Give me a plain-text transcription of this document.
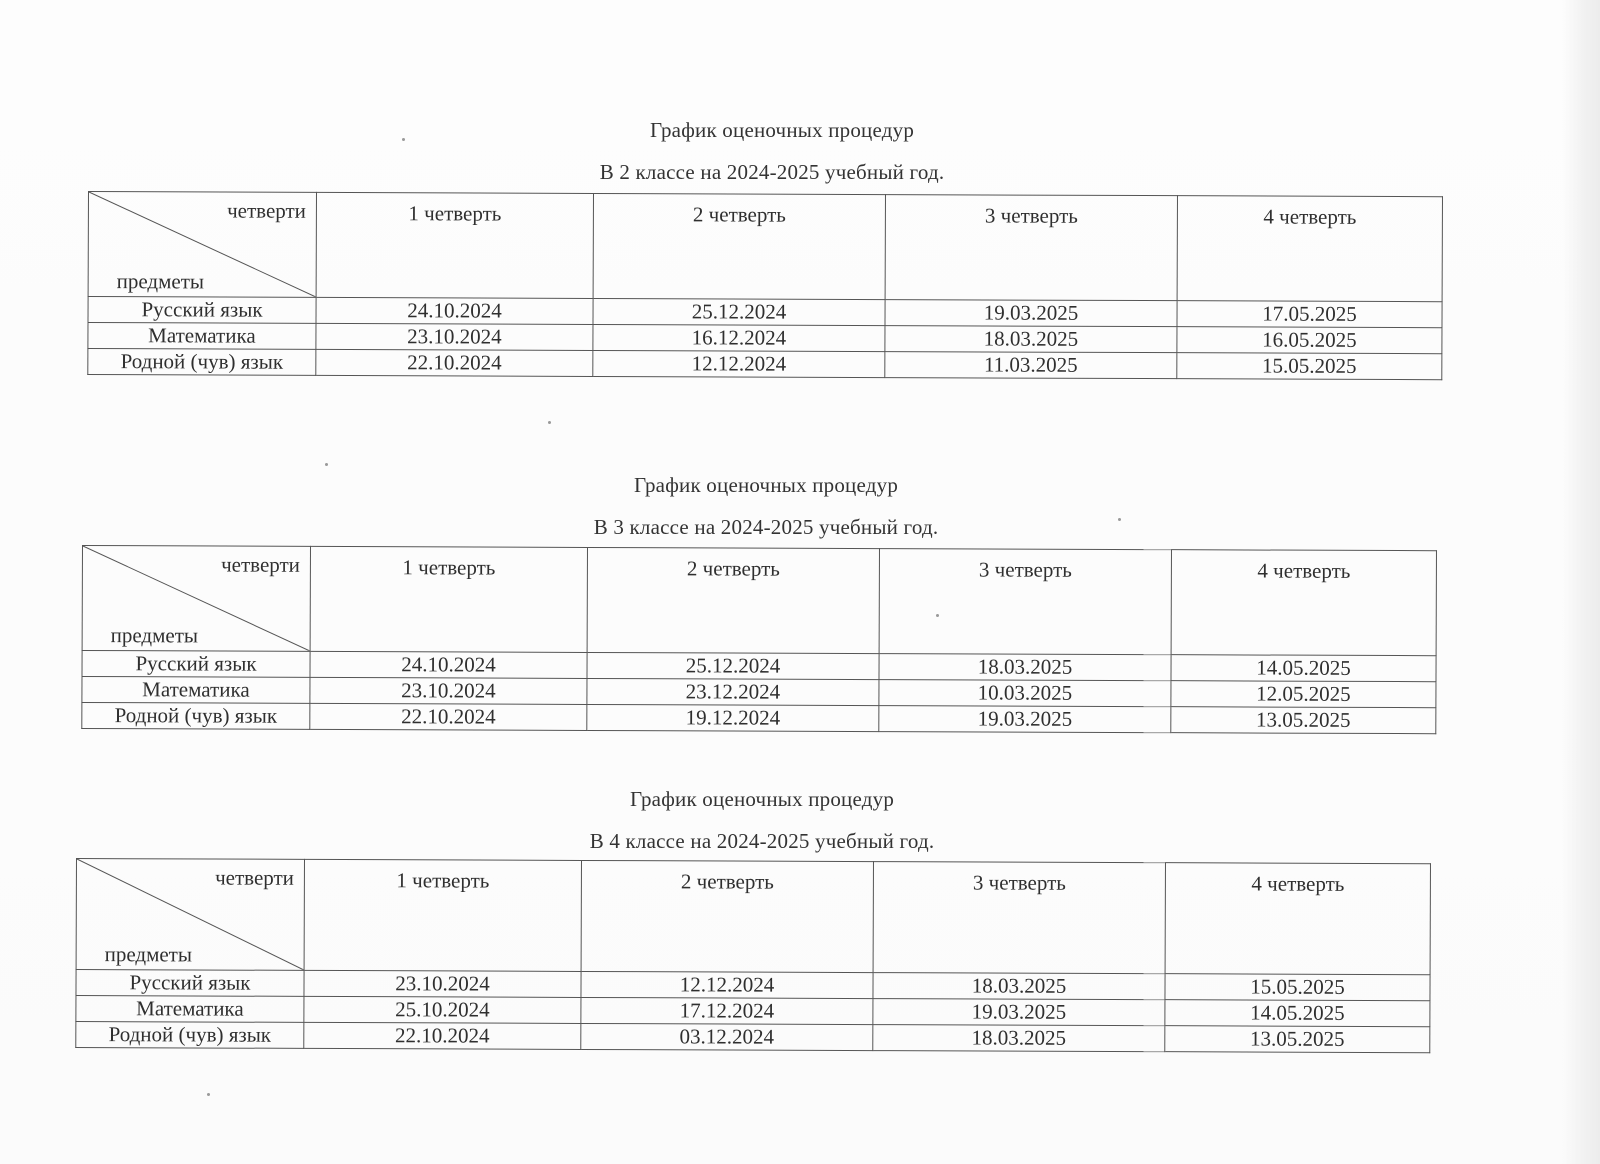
График оценочных процедур
В 2 классе на 2024-2025 учебный год.
четверти
предметы	1 четверть	2 четверть	3 четверть	4 четверть

Русский язык	24.10.2024	25.12.2024	19.03.2025	17.05.2025
Математика	23.10.2024	16.12.2024	18.03.2025	16.05.2025
Родной (чув) язык	22.10.2024	12.12.2024	11.03.2025	15.05.2025
График оценочных процедур
В 3 классе на 2024-2025 учебный год.
четверти
предметы	1 четверть	2 четверть	3 четверть	4 четверть

Русский язык	24.10.2024	25.12.2024	18.03.2025	14.05.2025
Математика	23.10.2024	23.12.2024	10.03.2025	12.05.2025
Родной (чув) язык	22.10.2024	19.12.2024	19.03.2025	13.05.2025
График оценочных процедур
В 4 классе на 2024-2025 учебный год.
четверти
предметы	1 четверть	2 четверть	3 четверть	4 четверть

Русский язык	23.10.2024	12.12.2024	18.03.2025	15.05.2025
Математика	25.10.2024	17.12.2024	19.03.2025	14.05.2025
Родной (чув) язык	22.10.2024	03.12.2024	18.03.2025	13.05.2025
